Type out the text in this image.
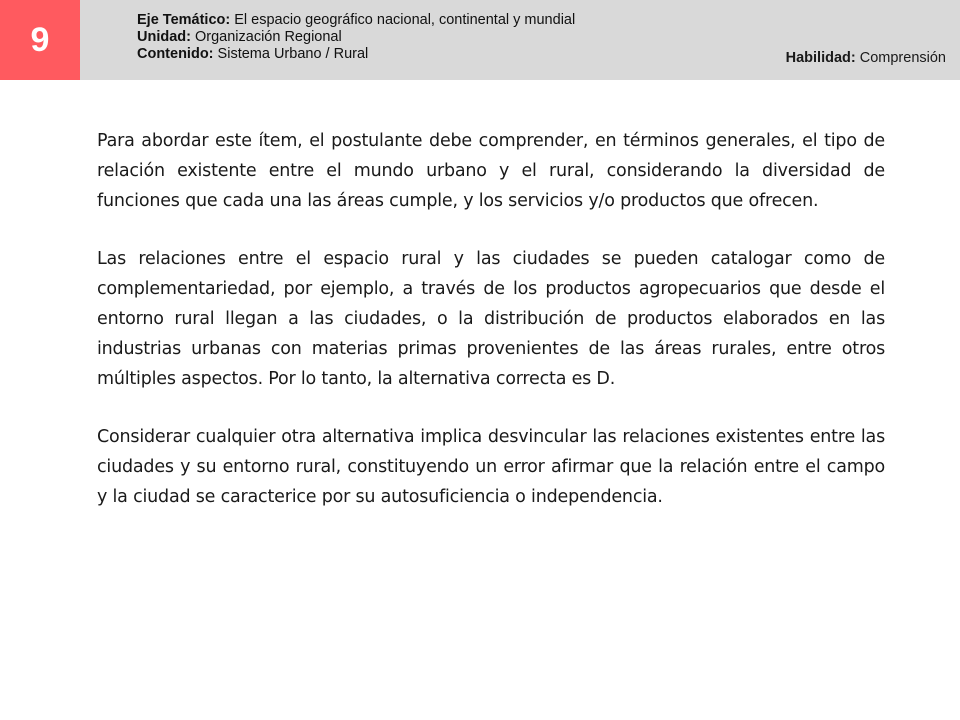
9
Eje Temático: El espacio geográfico nacional, continental y mundial
Unidad: Organización Regional
Contenido: Sistema Urbano / Rural	Habilidad: Comprensión

Para abordar este ítem, el postulante debe comprender, en términos generales, el tipo de relación existente entre el mundo urbano y el rural, considerando la diversidad de funciones que cada una las áreas cumple, y los servicios y/o productos que ofrecen.

Las relaciones entre el espacio rural y las ciudades se pueden catalogar como de complementariedad, por ejemplo, a través de los productos agropecuarios que desde el entorno rural llegan a las ciudades, o la distribución de productos elaborados en las industrias urbanas con materias primas provenientes de las áreas rurales, entre otros múltiples aspectos. Por lo tanto, la alternativa correcta es D.

Considerar cualquier otra alternativa implica desvincular las relaciones existentes entre las ciudades y su entorno rural, constituyendo un error afirmar que la relación entre el campo y la ciudad se caracterice por su autosuficiencia o independencia.
